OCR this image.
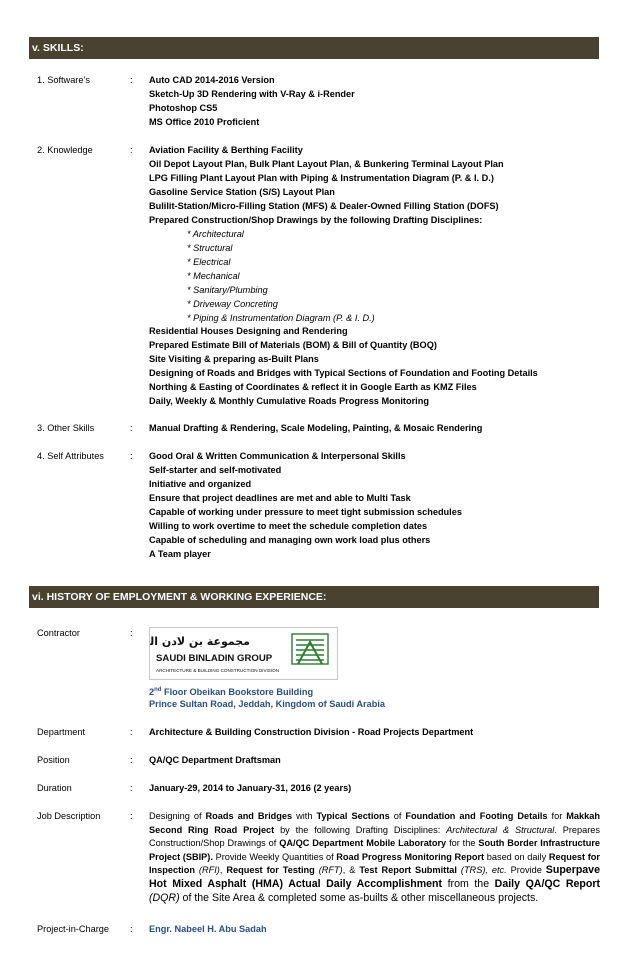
v. SKILLS:
1. Software’s	: Auto CAD 2014-2016 Version
Sketch-Up 3D Rendering with V-Ray & i-Render
Photoshop CS5
MS Office 2010 Proficient
2. Knowledge	: Aviation Facility & Berthing Facility
Oil Depot Layout Plan, Bulk Plant Layout Plan, & Bunkering Terminal Layout Plan
LPG Filling Plant Layout Plan with Piping & Instrumentation Diagram (P. & I. D.)
Gasoline Service Station (S/S) Layout Plan
Bulilit-Station/Micro-Filling Station (MFS) & Dealer-Owned Filling Station (DOFS)
Prepared Construction/Shop Drawings by the following Drafting Disciplines:
* Architectural
* Structural
* Electrical
* Mechanical
* Sanitary/Plumbing
* Driveway Concreting
* Piping & Instrumentation Diagram (P. & I. D.)
Residential Houses Designing and Rendering
Prepared Estimate Bill of Materials (BOM) & Bill of Quantity (BOQ)
Site Visiting & preparing as-Built Plans
Designing of Roads and Bridges with Typical Sections of Foundation and Footing Details
Northing & Easting of Coordinates & reflect it in Google Earth as KMZ Files
Daily, Weekly & Monthly Cumulative Roads Progress Monitoring
3. Other Skills	: Manual Drafting & Rendering, Scale Modeling, Painting, & Mosaic Rendering
4. Self Attributes	: Good Oral & Written Communication & Interpersonal Skills
Self-starter and self-motivated
Initiative and organized
Ensure that project deadlines are met and able to Multi Task
Capable of working under pressure to meet tight submission schedules
Willing to work overtime to meet the schedule completion dates
Capable of scheduling and managing own work load plus others
A Team player
vi. HISTORY OF EMPLOYMENT & WORKING EXPERIENCE:
Contractor	:
مجموعة بن لادن ال
SAUDI BINLADIN GROUP
ARCHITECTURE & BUILDING CONSTRUCTION DIVISION
2nd Floor Obeikan Bookstore Building
Prince Sultan Road, Jeddah, Kingdom of Saudi Arabia
Department	: Architecture & Building Construction Division - Road Projects Department
Position	: QA/QC Department Draftsman
Duration	: January-29, 2014 to January-31, 2016 (2 years)
Job Description	: Designing of Roads and Bridges with Typical Sections of Foundation and Footing Details for Makkah Second Ring Road Project by the following Drafting Disciplines: Architectural & Structural. Prepares Construction/Shop Drawings of QA/QC Department Mobile Laboratory for the South Border Infrastructure Project (SBIP). Provide Weekly Quantities of Road Progress Monitoring Report based on daily Request for Inspection (RFI), Request for Testing (RFT), & Test Report Submittal (TRS), etc. Provide Superpave Hot Mixed Asphalt (HMA) Actual Daily Accomplishment from the Daily QA/QC Report (DQR) of the Site Area & completed some as-builts & other miscellaneous projects.
Project-in-Charge : Engr. Nabeel H. Abu Sadah
